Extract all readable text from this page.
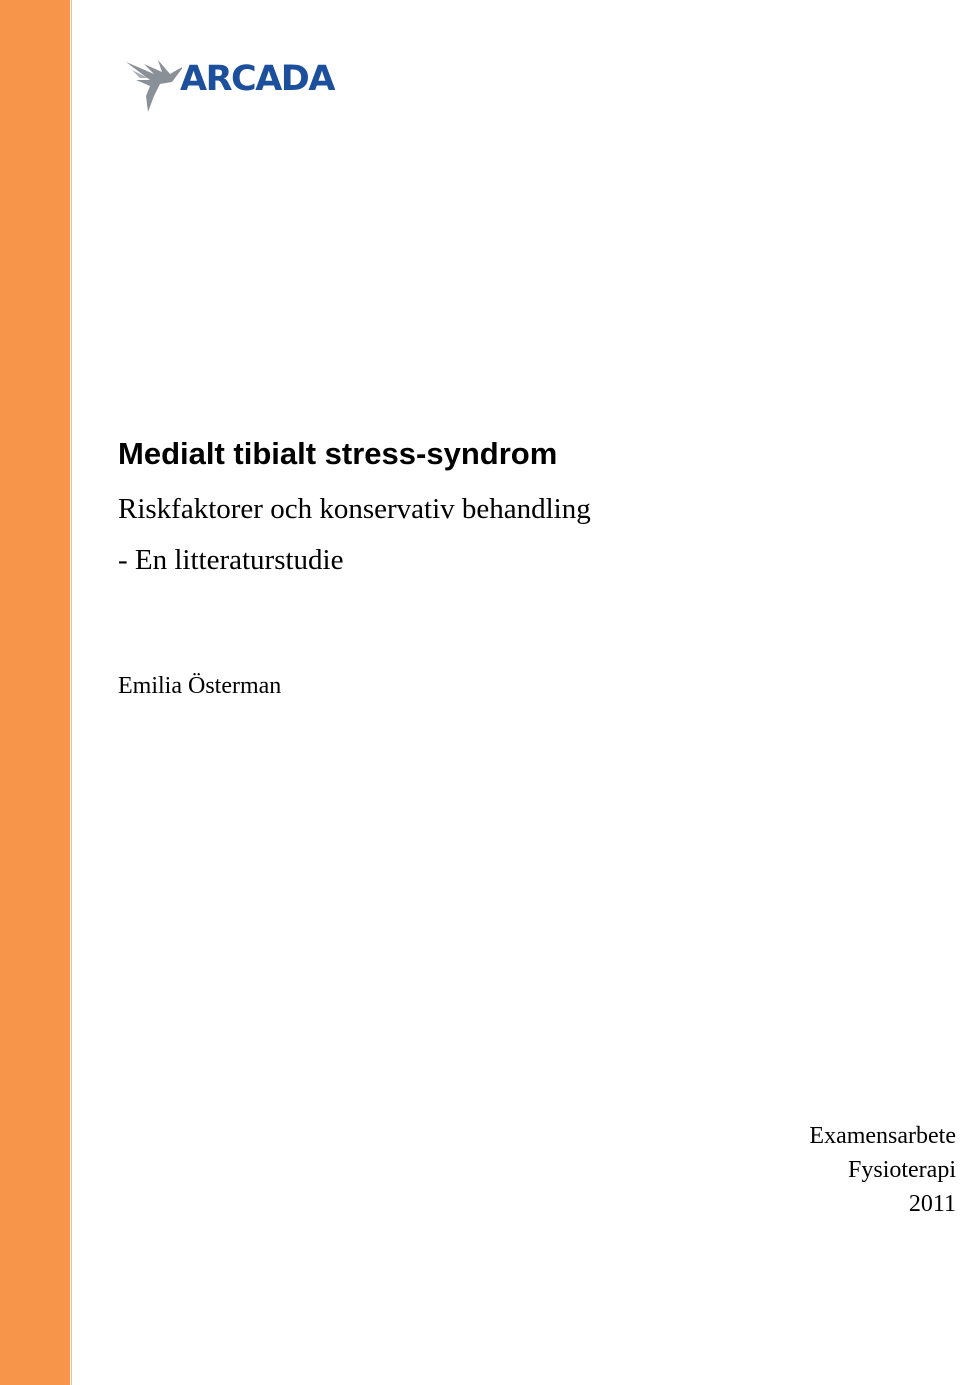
ARCADA
Medialt tibialt stress-syndrom
Riskfaktorer och konservativ behandling
- En litteraturstudie
Emilia Österman
Examensarbete
Fysioterapi
2011
